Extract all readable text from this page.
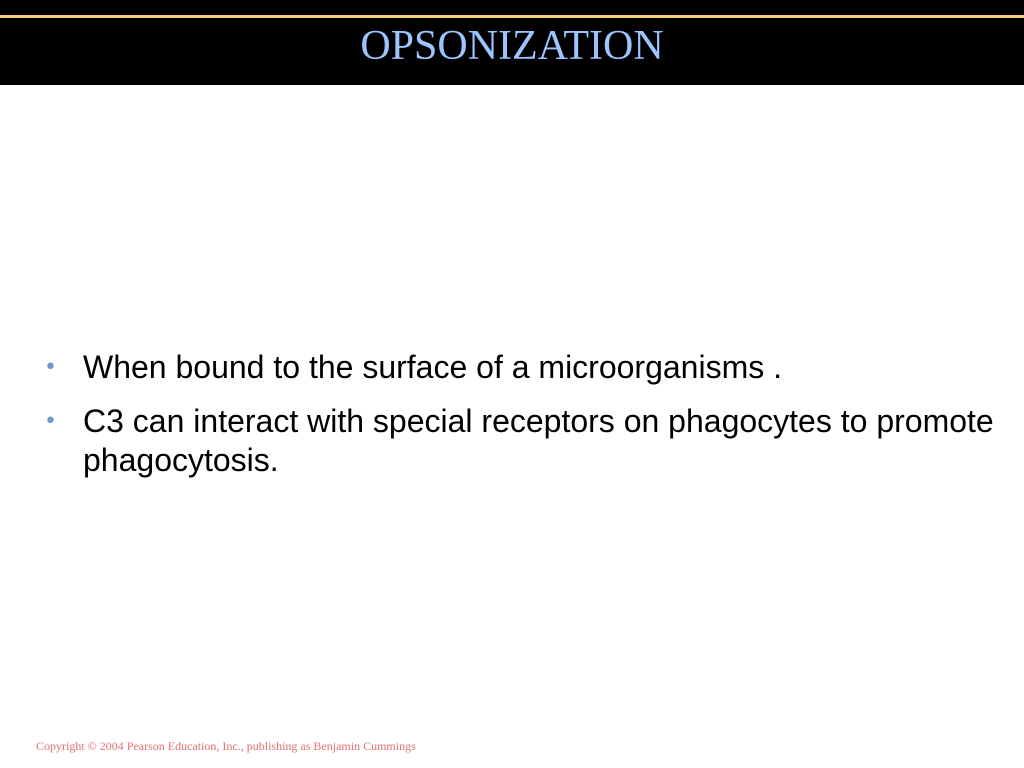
OPSONIZATION
• When bound to the surface of a microorganisms .
• C3 can interact with special receptors on phagocytes to promote phagocytosis.
Copyright © 2004 Pearson Education, Inc., publishing as Benjamin Cummings
